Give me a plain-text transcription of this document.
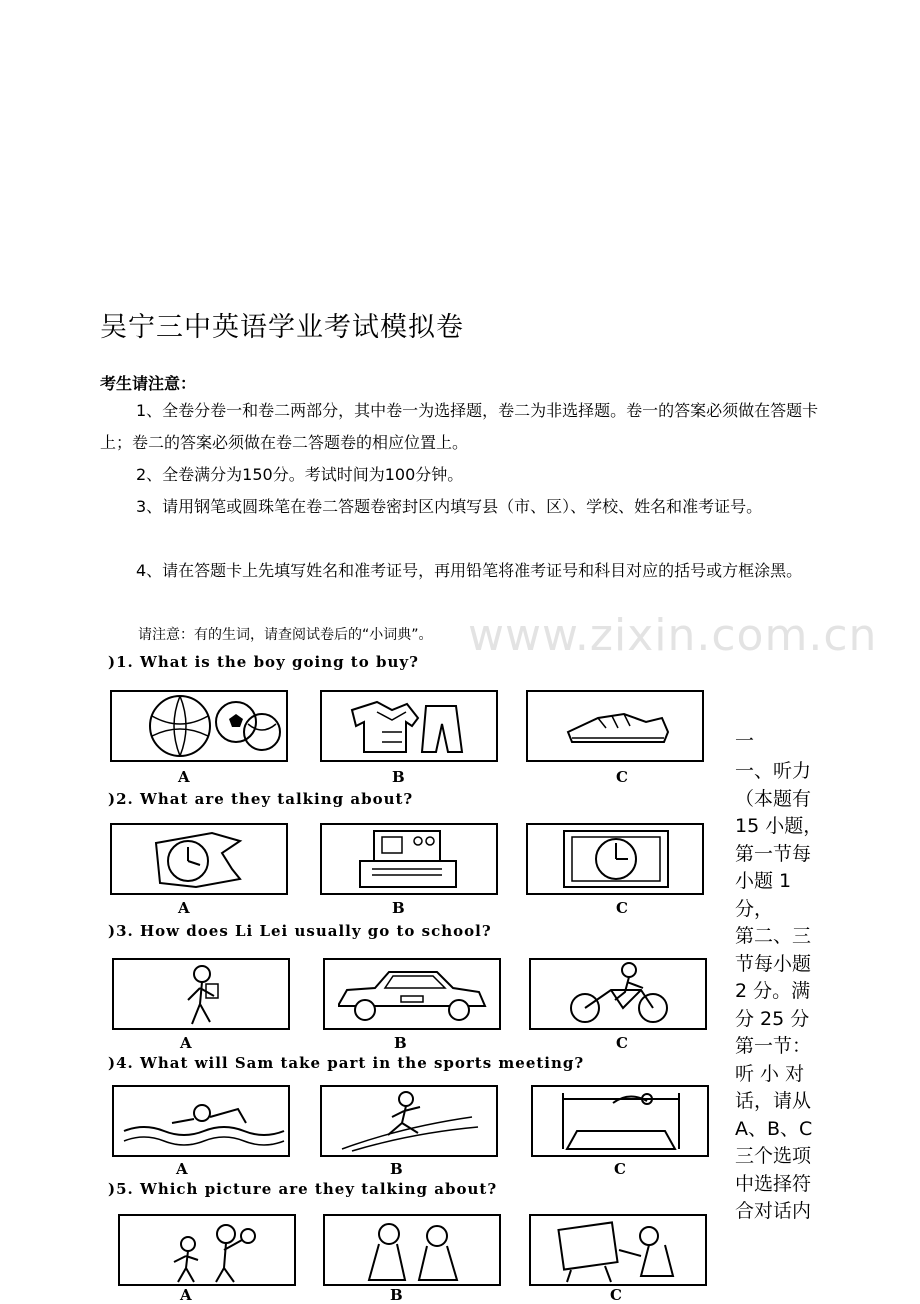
吴宁三中英语学业考试模拟卷
考生请注意：
1、全卷分卷一和卷二两部分，其中卷一为选择题，卷二为非选择题。卷一的答案必须做在答题卡上；卷二的答案必须做在卷二答题卷的相应位置上。
2、全卷满分为150分。考试时间为100分钟。
3、请用钢笔或圆珠笔在卷二答题卷密封区内填写县（市、区）、学校、姓名和准考证号。
4、请在答题卡上先填写姓名和准考证号，再用铅笔将准考证号和科目对应的括号或方框涂黑。
请注意：有的生词，请查阅试卷后的“小词典”。 www.zixin.com.cn
)1. What is the boy going to buy?
A	B	C
)2. What are they talking about?
A	B	C
)3. How does Li Lei usually go to school?
A	B	C
)4. What will Sam take part in the sports meeting?
A	B	C
)5. Which picture are they talking about?
A	B	C
一
一、听力
（本题有
15 小题，
第一节每
小题 1 分，
第二、三
节每小题
2 分。满
分 25 分
第一节：
听 小 对
话，请从
A、B、C
三个选项
中选择符
合对话内
